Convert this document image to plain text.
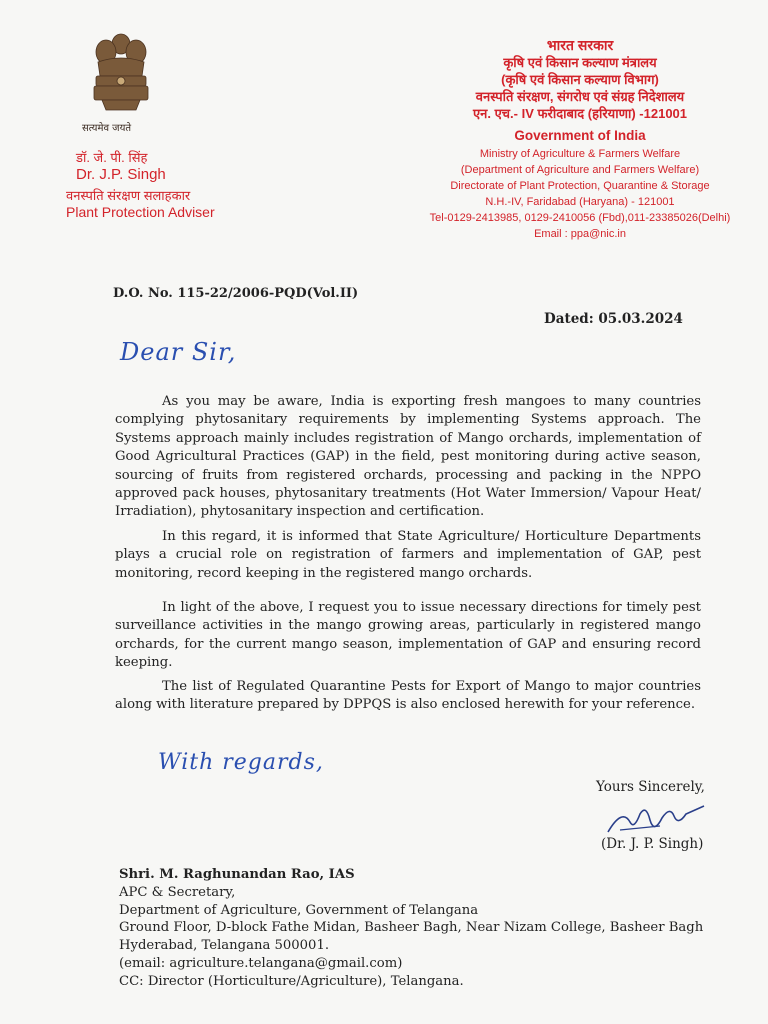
सत्यमेव जयते
डॉ. जे. पी. सिंह
Dr. J.P. Singh
वनस्पति संरक्षण सलाहकार
Plant Protection Adviser
भारत सरकार
कृषि एवं किसान कल्याण मंत्रालय
(कृषि एवं किसान कल्याण विभाग)
वनस्पति संरक्षण, संगरोध एवं संग्रह निदेशालय
एन. एच.- IV फरीदाबाद (हरियाणा) -121001
Government of India
Ministry of Agriculture & Farmers Welfare
(Department of Agriculture and Farmers Welfare)
Directorate of Plant Protection, Quarantine & Storage
N.H.-IV, Faridabad (Haryana) - 121001
Tel-0129-2413985, 0129-2410056 (Fbd),011-23385026(Delhi)
Email : ppa@nic.in
D.O. No. 115-22/2006-PQD(Vol.II)
Dated: 05.03.2024
Dear Sir,
As you may be aware, India is exporting fresh mangoes to many countries complying phytosanitary requirements by implementing Systems approach. The Systems approach mainly includes registration of Mango orchards, implementation of Good Agricultural Practices (GAP) in the field, pest monitoring during active season, sourcing of fruits from registered orchards, processing and packing in the NPPO approved pack houses, phytosanitary treatments (Hot Water Immersion/ Vapour Heat/ Irradiation), phytosanitary inspection and certification.
In this regard, it is informed that State Agriculture/ Horticulture Departments plays a crucial role on registration of farmers and implementation of GAP, pest monitoring, record keeping in the registered mango orchards.
In light of the above, I request you to issue necessary directions for timely pest surveillance activities in the mango growing areas, particularly in registered mango orchards, for the current mango season, implementation of GAP and ensuring record keeping.
The list of Regulated Quarantine Pests for Export of Mango to major countries along with literature prepared by DPPQS is also enclosed herewith for your reference.
With regards,
Yours Sincerely,
(Dr. J. P. Singh)
Shri. M. Raghunandan Rao, IAS
APC & Secretary,
Department of Agriculture, Government of Telangana
Ground Floor, D-block Fathe Midan, Basheer Bagh, Near Nizam College, Basheer Bagh
Hyderabad, Telangana 500001.
(email: agriculture.telangana@gmail.com)
CC: Director (Horticulture/Agriculture), Telangana.
